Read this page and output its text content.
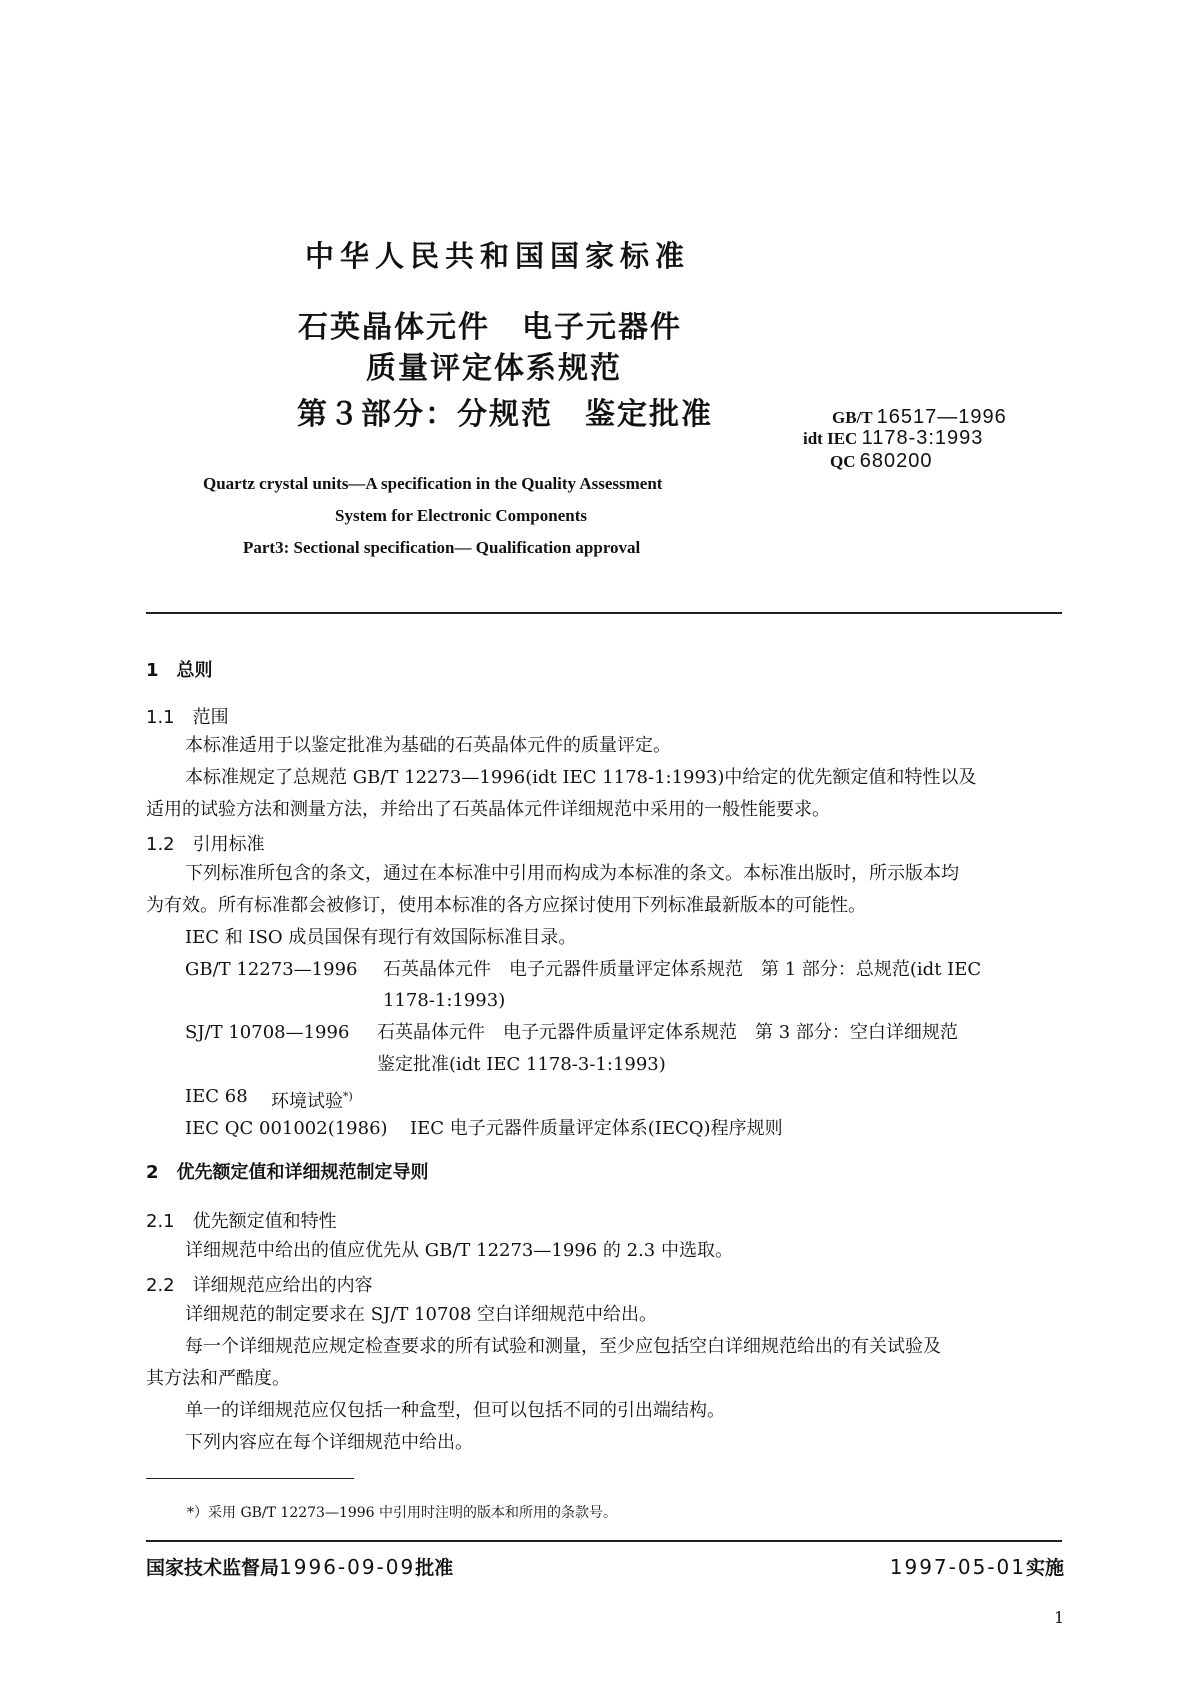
中华人民共和国国家标准
石英晶体元件　电子元器件
质量评定体系规范
第３部分：分规范　鉴定批准	GB/T 16517—1996
idt IEC 1178-3:1993
QC 680200
Quartz crystal units—A specification in the Quality Assessment
System for Electronic Components
Part3: Sectional specification— Qualification approval
1　总则
1.1　范围
本标准适用于以鉴定批准为基础的石英晶体元件的质量评定。
本标准规定了总规范 GB/T 12273—1996(idt IEC 1178-1:1993)中给定的优先额定值和特性以及
适用的试验方法和测量方法，并给出了石英晶体元件详细规范中采用的一般性能要求。
1.2　引用标准
下列标准所包含的条文，通过在本标准中引用而构成为本标准的条文。本标准出版时，所示版本均
为有效。所有标准都会被修订，使用本标准的各方应探讨使用下列标准最新版本的可能性。
IEC 和 ISO 成员国保有现行有效国际标准目录。
GB/T 12273—1996 石英晶体元件　电子元器件质量评定体系规范　第 1 部分：总规范(idt IEC
1178-1:1993)
SJ/T 10708—1996 石英晶体元件　电子元器件质量评定体系规范　第 3 部分：空白详细规范
鉴定批准(idt IEC 1178-3-1:1993)
IEC 68 环境试验*)
IEC QC 001002(1986) IEC 电子元器件质量评定体系(IECQ)程序规则
2　优先额定值和详细规范制定导则
2.1　优先额定值和特性
详细规范中给出的值应优先从 GB/T 12273—1996 的 2.3 中选取。
2.2　详细规范应给出的内容
详细规范的制定要求在 SJ/T 10708 空白详细规范中给出。
每一个详细规范应规定检查要求的所有试验和测量，至少应包括空白详细规范给出的有关试验及
其方法和严酷度。
单一的详细规范应仅包括一种盒型，但可以包括不同的引出端结构。
下列内容应在每个详细规范中给出。
*）采用 GB/T 12273—1996 中引用时注明的版本和所用的条款号。
国家技术监督局1996-09-09批准	1997-05-01实施
1
